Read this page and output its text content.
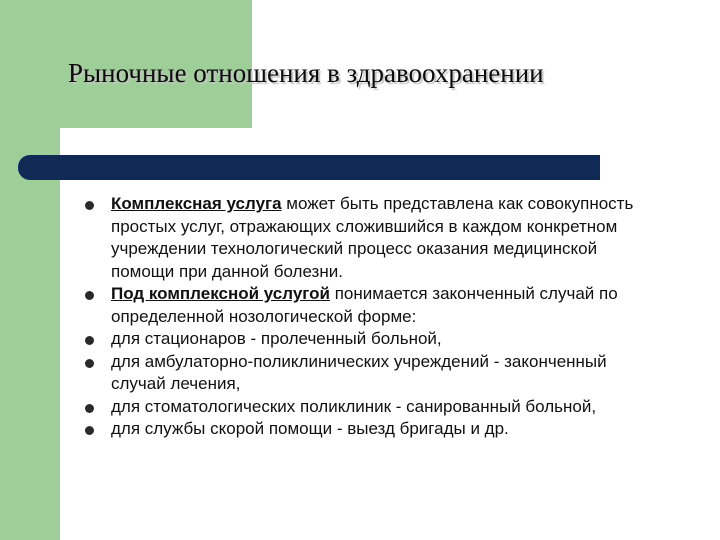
Рыночные отношения в здравоохранении
Комплексная услуга может быть представлена как совокупность простых услуг, отражающих сложившийся в каждом конкретном учреждении технологический процесс оказания медицинской помощи при данной болезни.
Под комплексной услугой понимается законченный случай по определенной нозологической форме:
для стационаров - пролеченный больной,
для амбулаторно-поликлинических учреждений - законченный случай лечения,
для стоматологических поликлиник - санированный больной,
для службы скорой помощи - выезд бригады и др.
